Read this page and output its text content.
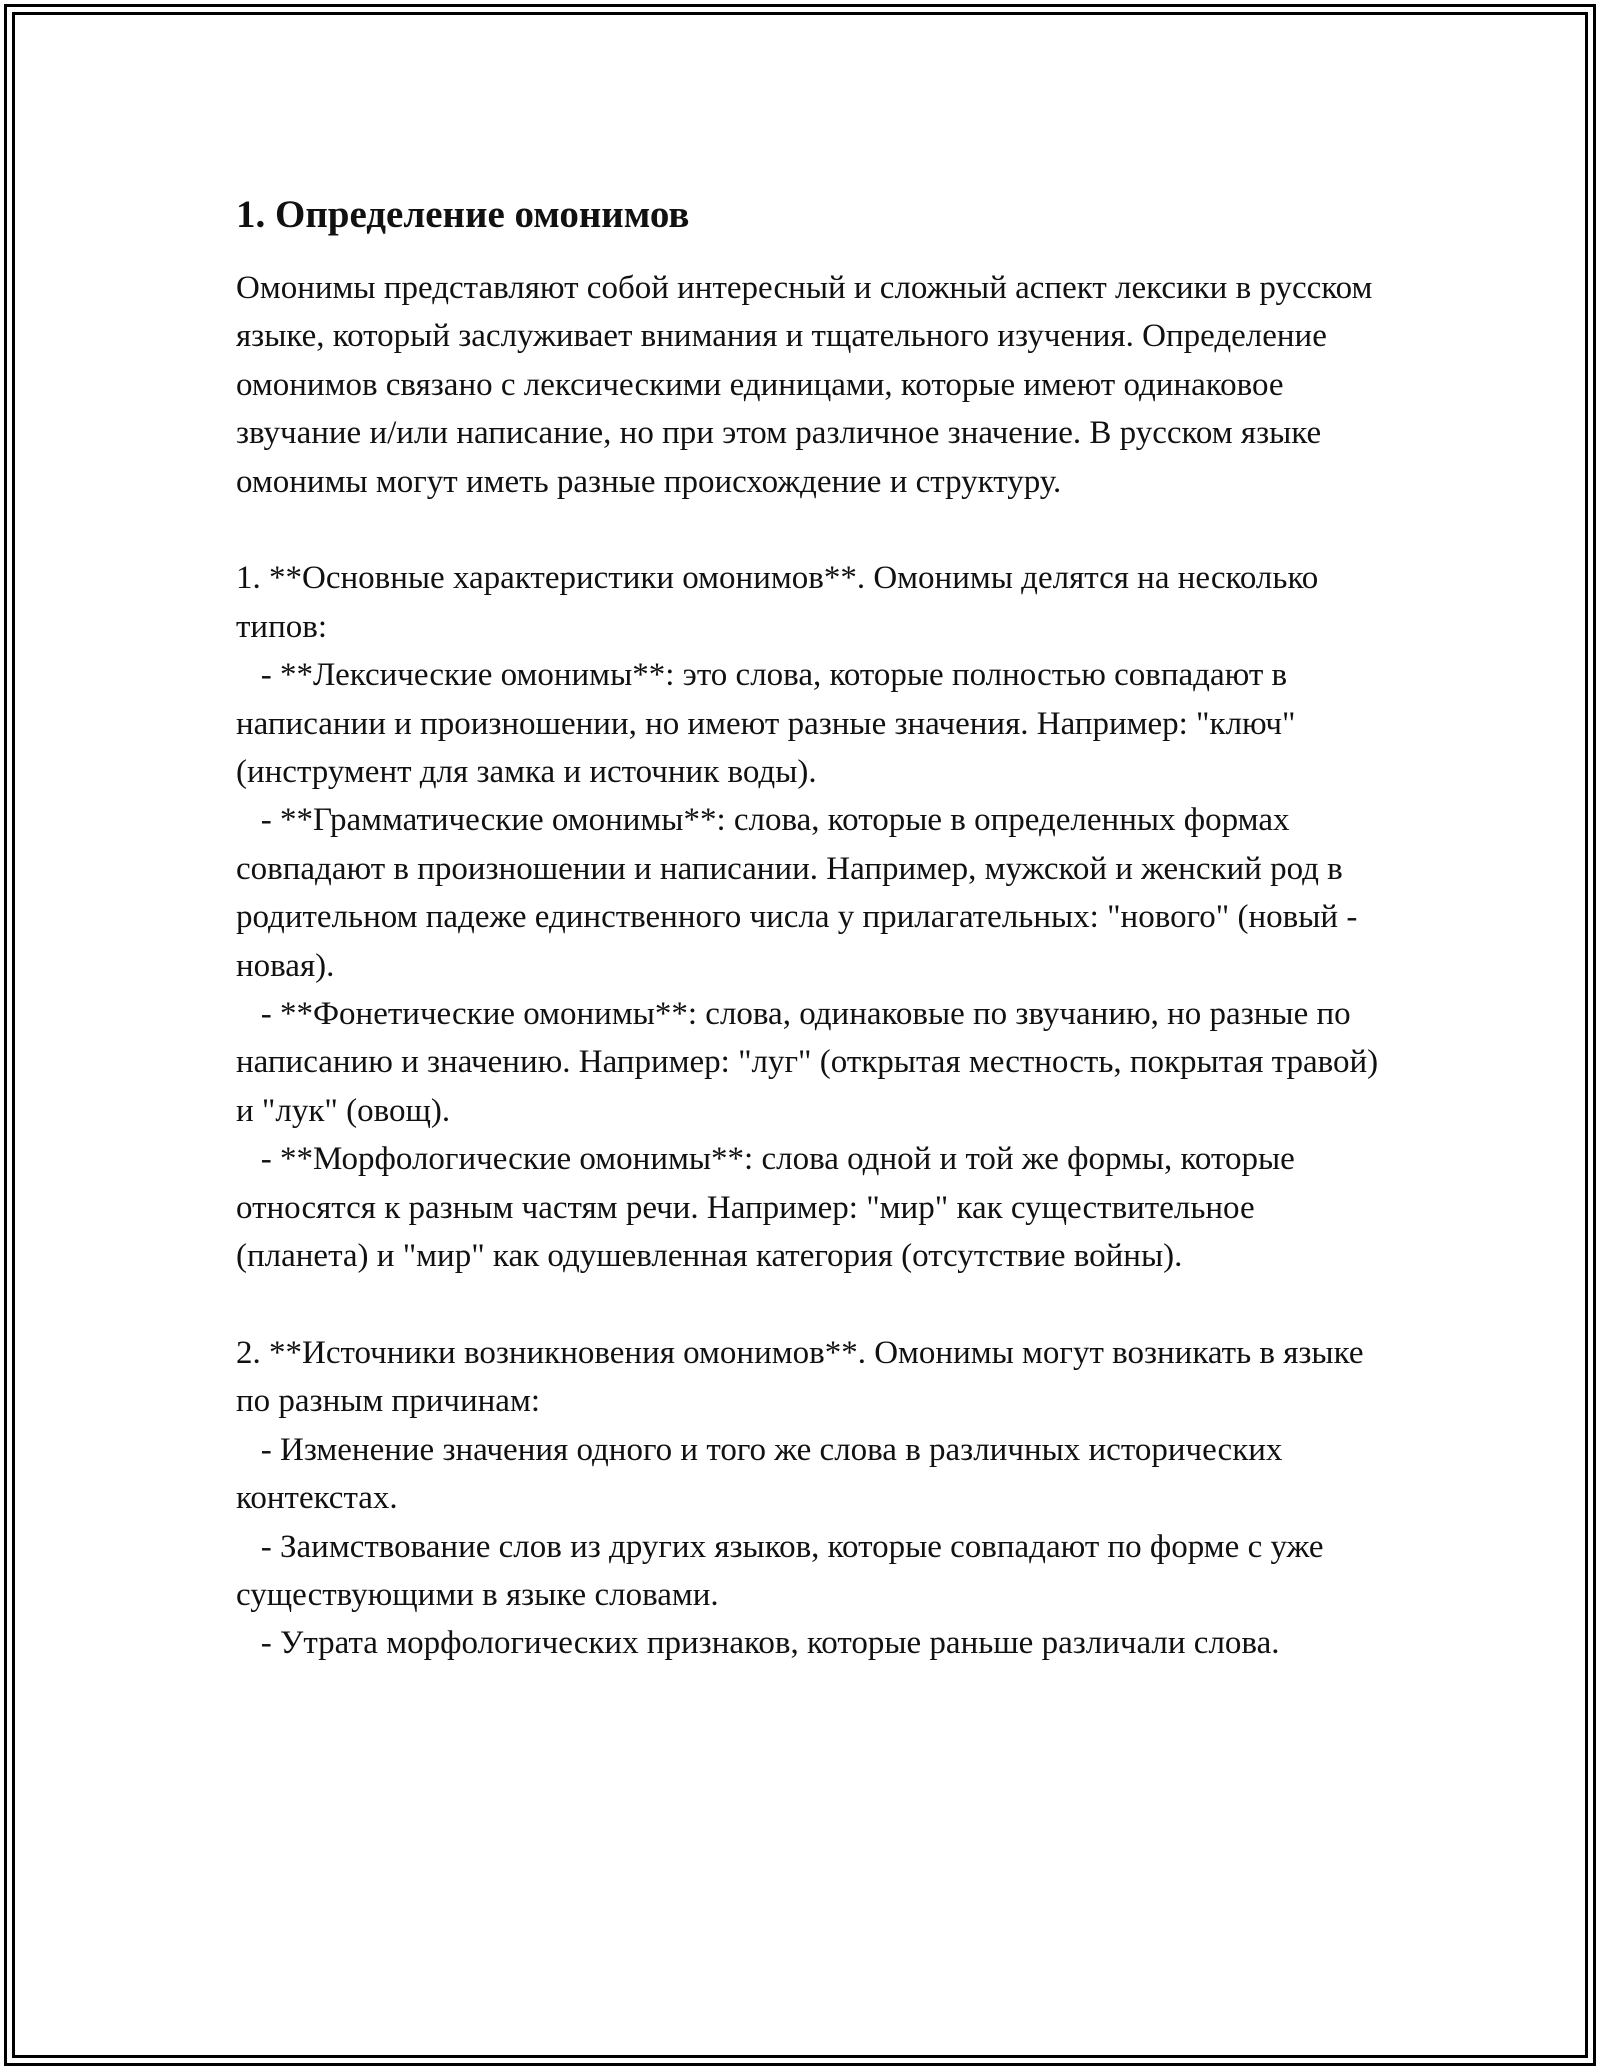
1. Определение омонимов

Омонимы представляют собой интересный и сложный аспект лексики в русском языке, который заслуживает внимания и тщательного изучения. Определение омонимов связано с лексическими единицами, которые имеют одинаковое звучание и/или написание, но при этом различное значение. В русском языке омонимы могут иметь разные происхождение и структуру.

1. **Основные характеристики омонимов**. Омонимы делятся на несколько типов:

- **Лексические омонимы**: это слова, которые полностью совпадают в написании и произношении, но имеют разные значения. Например: "ключ" (инструмент для замка и источник воды).

- **Грамматические омонимы**: слова, которые в определенных формах совпадают в произношении и написании. Например, мужской и женский род в родительном падеже единственного числа у прилагательных: "нового" (новый - новая).

- **Фонетические омонимы**: слова, одинаковые по звучанию, но разные по написанию и значению. Например: "луг" (открытая местность, покрытая травой) и "лук" (овощ).

- **Морфологические омонимы**: слова одной и той же формы, которые относятся к разным частям речи. Например: "мир" как существительное (планета) и "мир" как одушевленная категория (отсутствие войны).

2. **Источники возникновения омонимов**. Омонимы могут возникать в языке по разным причинам:

- Изменение значения одного и того же слова в различных исторических контекстах.

- Заимствование слов из других языков, которые совпадают по форме с уже существующими в языке словами.

- Утрата морфологических признаков, которые раньше различали слова.
